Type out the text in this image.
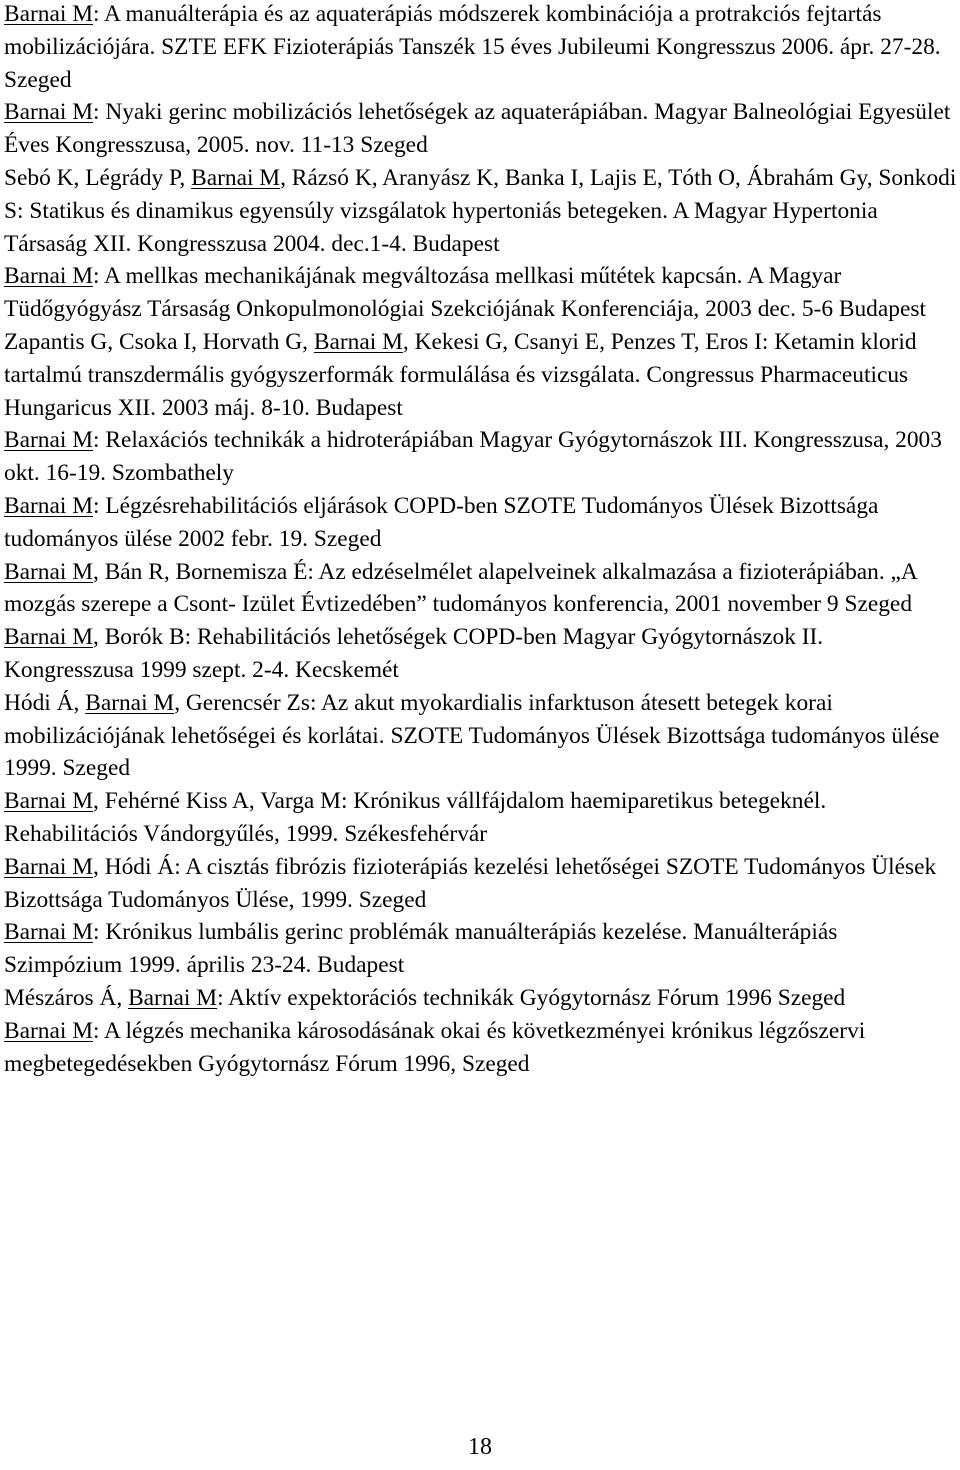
Barnai M: A manuálterápia és az aquaterápiás módszerek kombinációja a protrakciós fejtartás mobilizációjára. SZTE EFK Fizioterápiás Tanszék 15 éves Jubileumi Kongresszus 2006. ápr. 27-28. Szeged

Barnai M: Nyaki gerinc mobilizációs lehetőségek az aquaterápiában. Magyar Balneológiai Egyesület Éves Kongresszusa, 2005. nov. 11-13 Szeged

Sebó K, Légrády P, Barnai M, Rázsó K, Aranyász K, Banka I, Lajis E, Tóth O, Ábrahám Gy, Sonkodi S: Statikus és dinamikus egyensúly vizsgálatok hypertoniás betegeken. A Magyar Hypertonia Társaság XII. Kongresszusa 2004. dec.1-4. Budapest

Barnai M: A mellkas mechanikájának megváltozása mellkasi műtétek kapcsán. A Magyar Tüdőgyógyász Társaság Onkopulmonológiai Szekciójának Konferenciája, 2003 dec. 5-6 Budapest

Zapantis G, Csoka I, Horvath G, Barnai M, Kekesi G, Csanyi E, Penzes T, Eros I: Ketamin klorid tartalmú transzdermális gyógyszerformák formulálása és vizsgálata. Congressus Pharmaceuticus Hungaricus XII. 2003 máj. 8-10. Budapest

Barnai M: Relaxációs technikák a hidroterápiában Magyar Gyógytornászok III. Kongresszusa, 2003 okt. 16-19. Szombathely

Barnai M: Légzésrehabilitációs eljárások COPD-ben SZOTE Tudományos Ülések Bizottsága tudományos ülése 2002 febr. 19. Szeged

Barnai M, Bán R, Bornemisza É: Az edzéselmélet alapelveinek alkalmazása a fizioterápiában. „A mozgás szerepe a Csont- Izület Évtizedében” tudományos konferencia, 2001 november 9 Szeged

Barnai M, Borók B: Rehabilitációs lehetőségek COPD-ben Magyar Gyógytornászok II. Kongresszusa 1999 szept. 2-4. Kecskemét

Hódi Á, Barnai M, Gerencsér Zs: Az akut myokardialis infarktuson átesett betegek korai mobilizációjának lehetőségei és korlátai. SZOTE Tudományos Ülések Bizottsága tudományos ülése 1999. Szeged

Barnai M, Fehérné Kiss A, Varga M: Krónikus vállfájdalom haemiparetikus betegeknél. Rehabilitációs Vándorgyűlés, 1999. Székesfehérvár

Barnai M, Hódi Á: A cisztás fibrózis fizioterápiás kezelési lehetőségei SZOTE Tudományos Ülések Bizottsága Tudományos Ülése, 1999. Szeged

Barnai M: Krónikus lumbális gerinc problémák manuálterápiás kezelése. Manuálterápiás Szimpózium 1999. április 23-24. Budapest

Mészáros Á, Barnai M: Aktív expektorációs technikák Gyógytornász Fórum 1996 Szeged

Barnai M: A légzés mechanika károsodásának okai és következményei krónikus légzőszervi megbetegedésekben Gyógytornász Fórum 1996, Szeged

18
